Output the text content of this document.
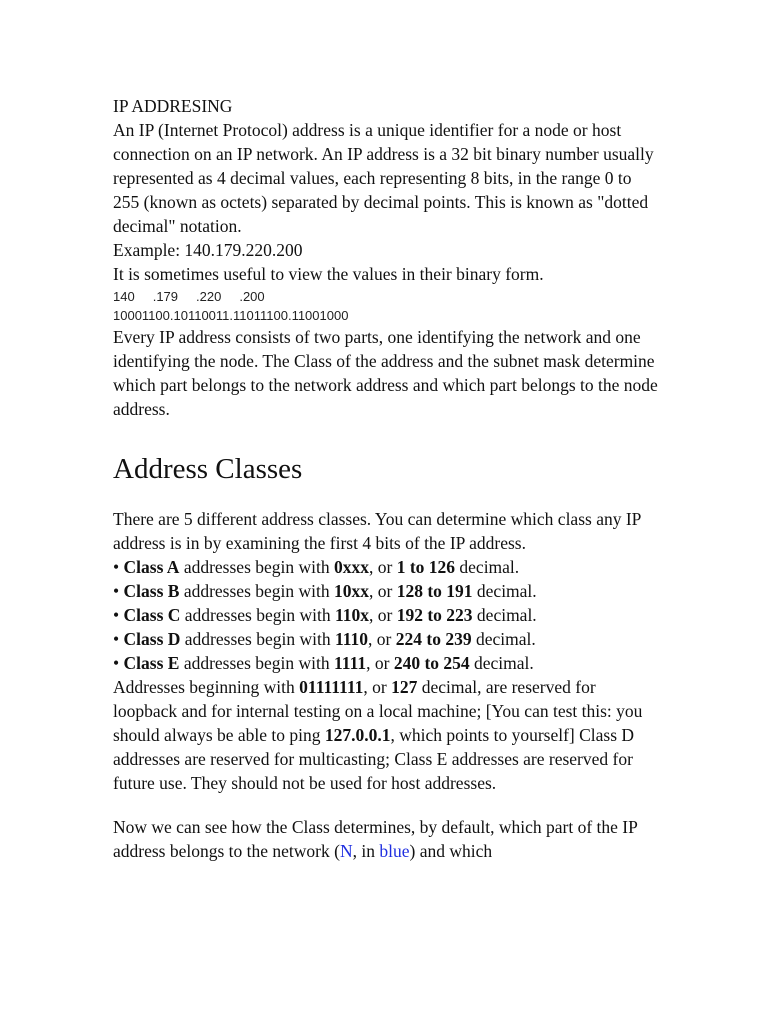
IP ADDRESING

An IP (Internet Protocol) address is a unique identifier for a node or host connection on an IP network. An IP address is a 32 bit binary number usually represented as 4 decimal values, each representing 8 bits, in the range 0 to 255 (known as octets) separated by decimal points. This is known as "dotted decimal" notation.

Example: 140.179.220.200

It is sometimes useful to view the values in their binary form.

140 .179 .220 .200

10001100.10110011.11011100.11001000

Every IP address consists of two parts, one identifying the network and one identifying the node. The Class of the address and the subnet mask determine which part belongs to the network address and which part belongs to the node address.

Address Classes

There are 5 different address classes. You can determine which class any IP address is in by examining the first 4 bits of the IP address.

• Class A addresses begin with 0xxx, or 1 to 126 decimal.

• Class B addresses begin with 10xx, or 128 to 191 decimal.

• Class C addresses begin with 110x, or 192 to 223 decimal.

• Class D addresses begin with 1110, or 224 to 239 decimal.

• Class E addresses begin with 1111, or 240 to 254 decimal.

Addresses beginning with 01111111, or 127 decimal, are reserved for loopback and for internal testing on a local machine; [You can test this: you should always be able to ping 127.0.0.1, which points to yourself] Class D addresses are reserved for multicasting; Class E addresses are reserved for future use. They should not be used for host addresses.

Now we can see how the Class determines, by default, which part of the IP address belongs to the network (N, in blue) and which
